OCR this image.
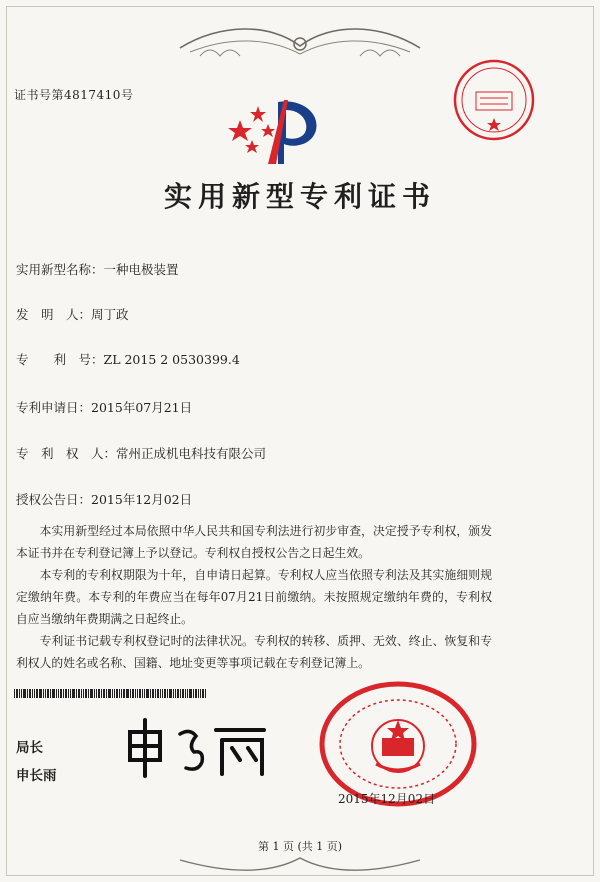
证书号第4817410号
实用新型专利证书
实用新型名称：一种电极装置
发　明　人：周丁政
专　　利　号：ZL 2015 2 0530399.4
专利申请日：2015年07月21日
专　利　权　人：常州正成机电科技有限公司
授权公告日：2015年12月02日

本实用新型经过本局依照中华人民共和国专利法进行初步审查，决定授予专利权，颁发本证书并在专利登记簿上予以登记。专利权自授权公告之日起生效。

本专利的专利权期限为十年，自申请日起算。专利权人应当依照专利法及其实施细则规定缴纳年费。本专利的年费应当在每年07月21日前缴纳。未按照规定缴纳年费的，专利权自应当缴纳年费期满之日起终止。

专利证书记载专利权登记时的法律状况。专利权的转移、质押、无效、终止、恢复和专利权人的姓名或名称、国籍、地址变更等事项记载在专利登记簿上。

局长
申长雨
2015年12月02日
第 1 页 (共 1 页)
